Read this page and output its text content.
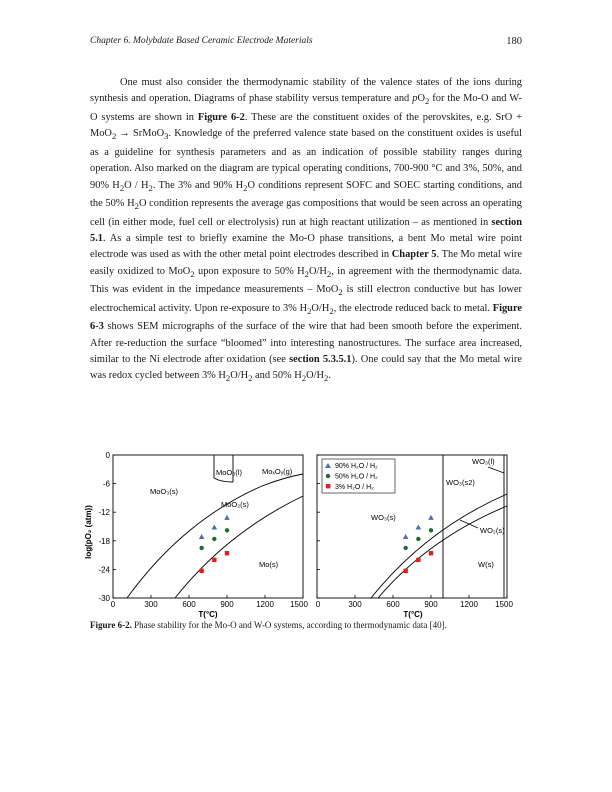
Chapter 6. Molybdate Based Ceramic Electrode Materials	180
One must also consider the thermodynamic stability of the valence states of the ions during synthesis and operation. Diagrams of phase stability versus temperature and $pO_2$ for the Mo-O and W-O systems are shown in Figure 6-2. These are the constituent oxides of the perovskites, e.g. SrO + MoO$_2$ → SrMoO$_3$. Knowledge of the preferred valence state based on the constituent oxides is useful as a guideline for synthesis parameters and as an indication of possible stability ranges during operation. Also marked on the diagram are typical operating conditions, 700-900 °C and 3%, 50%, and 90% $H_2O / H_2$. The 3% and 90% $H_2O$ conditions represent SOFC and SOEC starting conditions, and the 50% $H_2O$ condition represents the average gas compositions that would be seen across an operating cell (in either mode, fuel cell or electrolysis) run at high reactant utilization – as mentioned in section 5.1. As a simple test to briefly examine the Mo-O phase transitions, a bent Mo metal wire point electrode was used as with the other metal point electrodes described in Chapter 5. The Mo metal wire easily oxidized to MoO$_2$ upon exposure to 50% $H_2O/H_2$, in agreement with the thermodynamic data. This was evident in the impedance measurements – MoO$_2$ is still electron conductive but has lower electrochemical activity. Upon re-exposure to 3% $H_2O/H_2$, the electrode reduced back to metal. Figure 6-3 shows SEM micrographs of the surface of the wire that had been smooth before the experiment. After re-reduction the surface “bloomed” into interesting nanostructures. The surface area increased, similar to the Ni electrode after oxidation (see section 5.3.5.1). One could say that the Mo metal wire was redox cycled between 3% $H_2O/H_2$ and 50% $H_2O/H_2$.
log(pO₂ (atm))
0
-6
-12
-18
-24
-30
0	300	600	900	1200 1500
T(°C)
MoO₃(l)	MoₓOᵧ(g)
MoO₃(s)
MoO₂(s)
Mo(s)
0	300	600	900	1200 1500
T(°C)
WO₃(l)
WO₃(s2)
WO₃(s)
WO₂(s)
W(s)
90% H₂O / H₂
50% H₂O / H₂
3% H₂O / H₂
Figure 6-2. Phase stability for the Mo-O and W-O systems, according to thermodynamic data [40].
